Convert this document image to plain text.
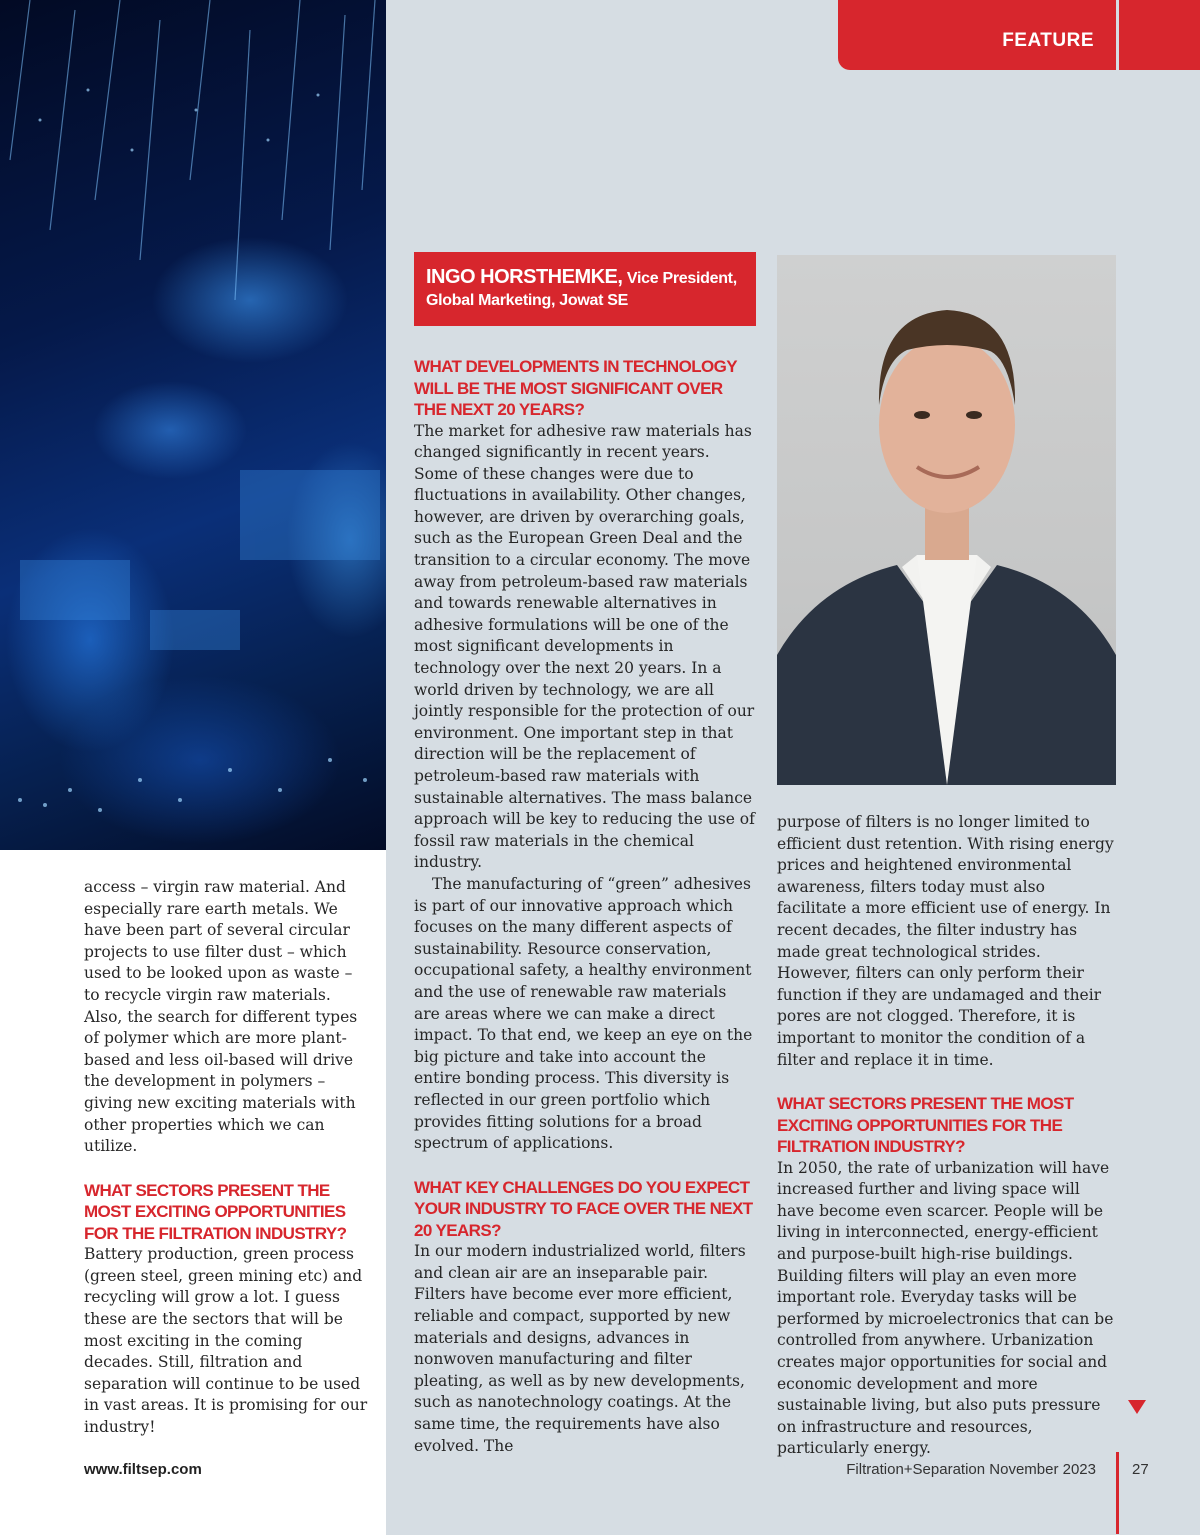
FEATURE
INGO HORSTHEMKE, Vice President,
Global Marketing, Jowat SE

access – virgin raw material. And especially rare earth metals. We have been part of several circular projects to use filter dust – which used to be looked upon as waste – to recycle virgin raw materials. Also, the search for different types of polymer which are more plant-based and less oil-based will drive the development in polymers – giving new exciting materials with other properties which we can utilize.

WHAT SECTORS PRESENT THE MOST EXCITING OPPORTUNITIES FOR THE FILTRATION INDUSTRY?

Battery production, green process (green steel, green mining etc) and recycling will grow a lot. I guess these are the sectors that will be most exciting in the coming decades. Still, filtration and separation will continue to be used in vast areas. It is promising for our industry!

WHAT DEVELOPMENTS IN TECHNOLOGY WILL BE THE MOST SIGNIFICANT OVER THE NEXT 20 YEARS?

The market for adhesive raw materials has changed significantly in recent years. Some of these changes were due to fluctuations in availability. Other changes, however, are driven by overarching goals, such as the European Green Deal and the transition to a circular economy. The move away from petroleum-based raw materials and towards renewable alternatives in adhesive formulations will be one of the most significant developments in technology over the next 20 years. In a world driven by technology, we are all jointly responsible for the protection of our environment. One important step in that direction will be the replacement of petroleum-based raw materials with sustainable alternatives. The mass balance approach will be key to reducing the use of fossil raw materials in the chemical industry.

The manufacturing of “green” adhesives is part of our innovative approach which focuses on the many different aspects of sustainability. Resource conservation, occupational safety, a healthy environment and the use of renewable raw materials are areas where we can make a direct impact. To that end, we keep an eye on the big picture and take into account the entire bonding process. This diversity is reflected in our green portfolio which provides fitting solutions for a broad spectrum of applications.

WHAT KEY CHALLENGES DO YOU EXPECT YOUR INDUSTRY TO FACE OVER THE NEXT 20 YEARS?

In our modern industrialized world, filters and clean air are an inseparable pair. Filters have become ever more efficient, reliable and compact, supported by new materials and designs, advances in nonwoven manufacturing and filter pleating, as well as by new developments, such as nanotechnology coatings. At the same time, the requirements have also evolved. The

purpose of filters is no longer limited to efficient dust retention. With rising energy prices and heightened environmental awareness, filters today must also facilitate a more efficient use of energy. In recent decades, the filter industry has made great technological strides. However, filters can only perform their function if they are undamaged and their pores are not clogged. Therefore, it is important to monitor the condition of a filter and replace it in time.

WHAT SECTORS PRESENT THE MOST EXCITING OPPORTUNITIES FOR THE FILTRATION INDUSTRY?

In 2050, the rate of urbanization will have increased further and living space will have become even scarcer. People will be living in interconnected, energy-efficient and purpose-built high-rise buildings. Building filters will play an even more important role. Everyday tasks will be performed by microelectronics that can be controlled from anywhere. Urbanization creates major opportunities for social and economic development and more sustainable living, but also puts pressure on infrastructure and resources, particularly energy.

www.filtsep.com	Filtration+Separation November 2023 27
